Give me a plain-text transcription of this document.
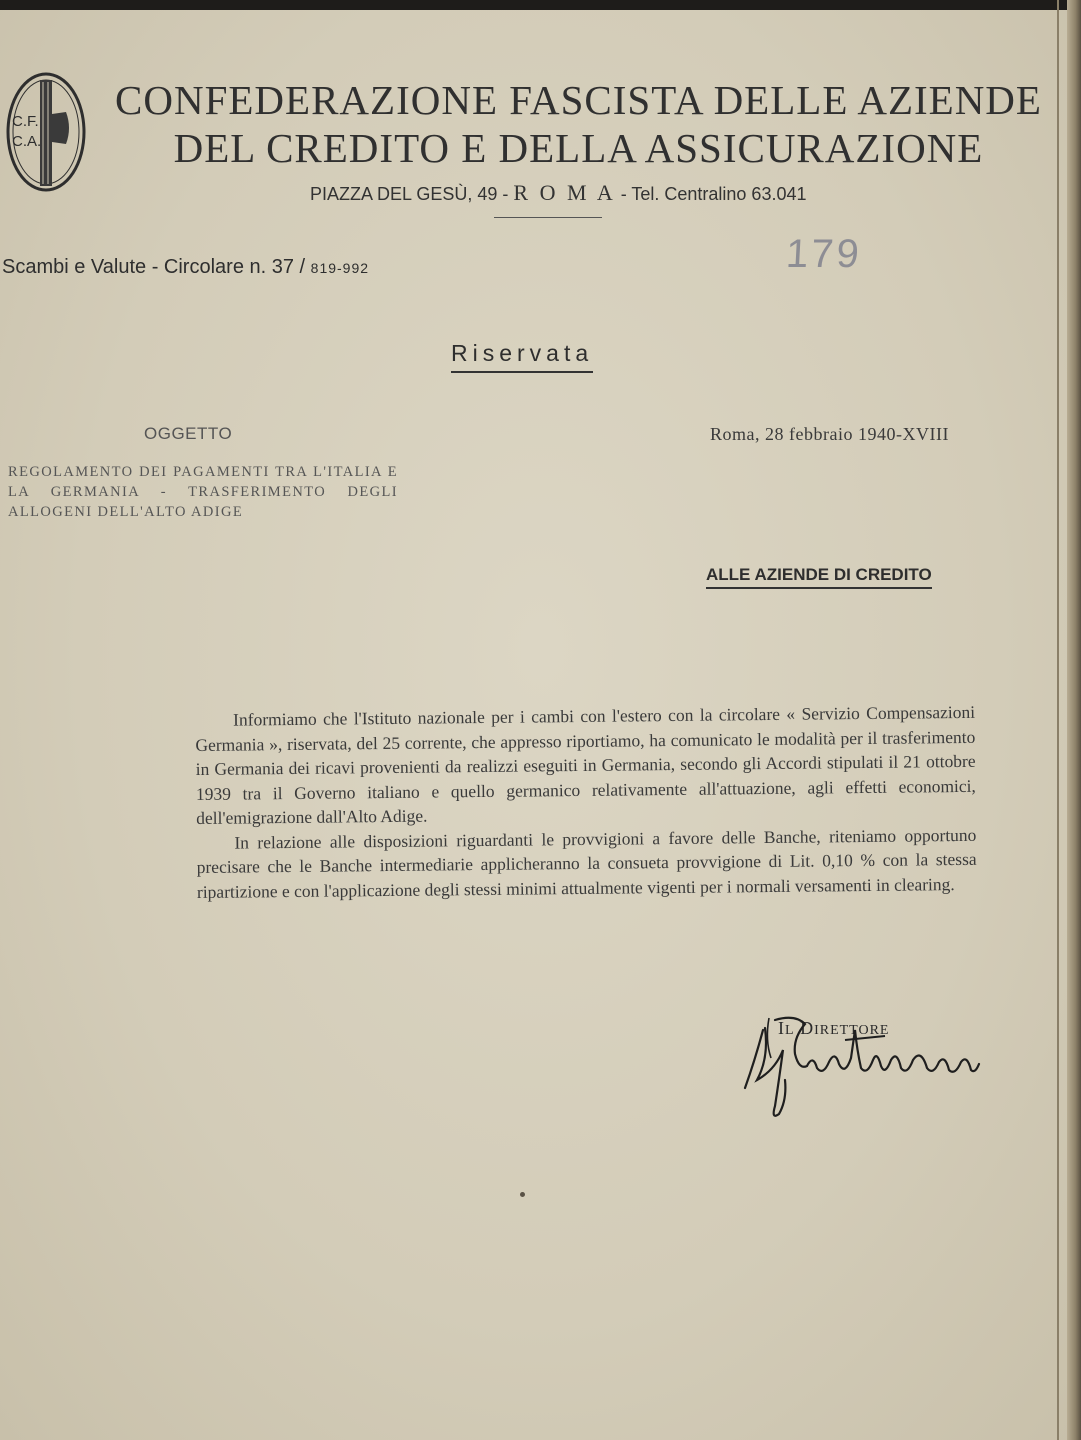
C.F.
C.A.
CONFEDERAZIONE FASCISTA DELLE AZIENDE
DEL CREDITO E DELLA ASSICURAZIONE
PIAZZA DEL GESÙ, 49 - R O M A - Tel. Centralino 63.041
Scambi e Valute - Circolare n. 37 / 819-992	179
Riservata
OGGETTO	Roma, 28 febbraio 1940-XVIII
REGOLAMENTO DEI PAGAMENTI TRA L'ITALIA E LA GERMANIA - TRASFERIMENTO DEGLI ALLOGENI DELL'ALTO ADIGE
ALLE AZIENDE DI CREDITO

Informiamo che l'Istituto nazionale per i cambi con l'estero con la circolare « Servizio Compensazioni Germania », riservata, del 25 corrente, che appresso riportiamo, ha comunicato le modalità per il trasferimento in Germania dei ricavi provenienti da realizzi eseguiti in Germania, secondo gli Accordi stipulati il 21 ottobre 1939 tra il Governo italiano e quello germanico relativamente all'attuazione, agli effetti economici, dell'emigrazione dall'Alto Adige.

In relazione alle disposizioni riguardanti le provvigioni a favore delle Banche, riteniamo opportuno precisare che le Banche intermediarie applicheranno la consueta provvigione di Lit. 0,10 % con la stessa ripartizione e con l'applicazione degli stessi minimi attualmente vigenti per i normali versamenti in clearing.

IL DIRETTORE
